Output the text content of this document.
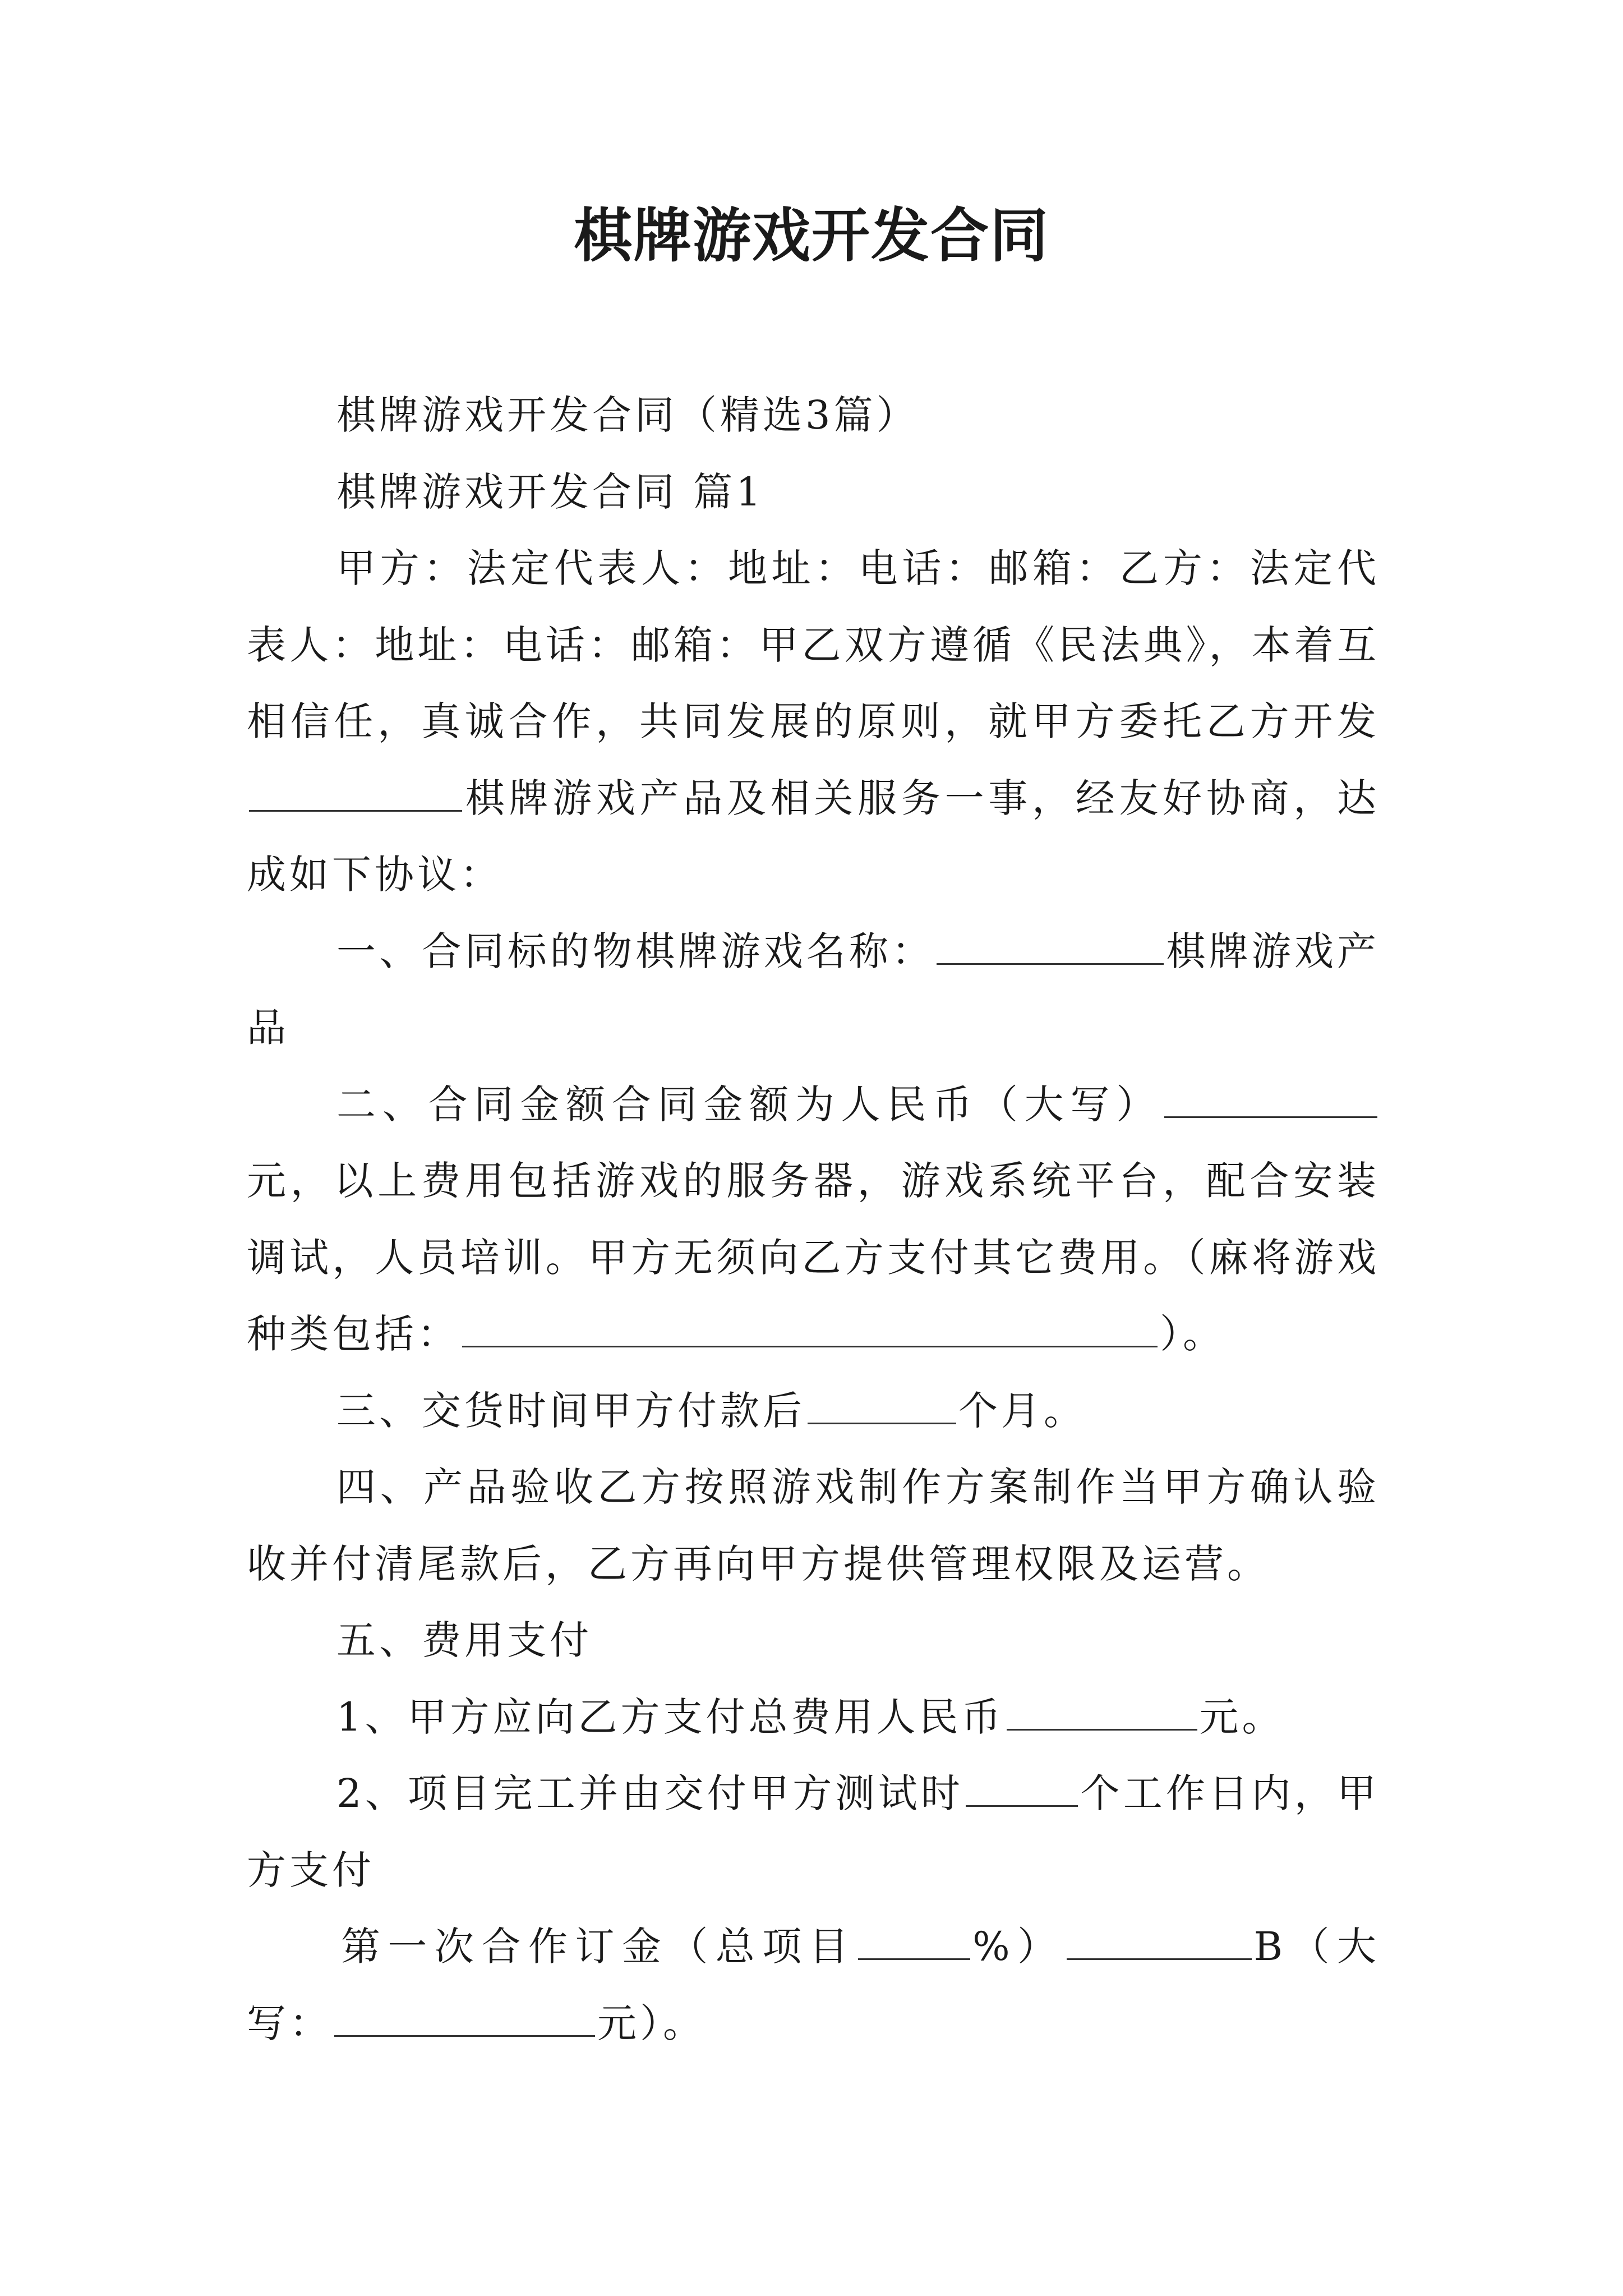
棋牌游戏开发合同

棋牌游戏开发合同（精选3篇）

棋牌游戏开发合同 篇1

甲方：法定代表人：地址：电话：邮箱：乙方：法定代表人：地址：电话：邮箱：甲乙双方遵循《民法典》，本着互相信任，真诚合作，共同发展的原则，就甲方委托乙方开发棋牌游戏产品及相关服务一事，经友好协商，达成如下协议：

一、合同标的物棋牌游戏名称：	棋牌游戏产品

二、合同金额合同金额为人民币（大写）元，以上费用包括游戏的服务器，游戏系统平台，配合安装调试，人员培训。甲方无须向乙方支付其它费用。（麻将游戏种类包括：	）。

三、交货时间甲方付款后	个月。

四、产品验收乙方按照游戏制作方案制作当甲方确认验收并付清尾款后，乙方再向甲方提供管理权限及运营。

五、费用支付

1、甲方应向乙方支付总费用人民币	元。

2、项目完工并由交付甲方测试时	个工作日内，甲方支付

第一次合作订金（总项目	%）	B（大写：	元）。
